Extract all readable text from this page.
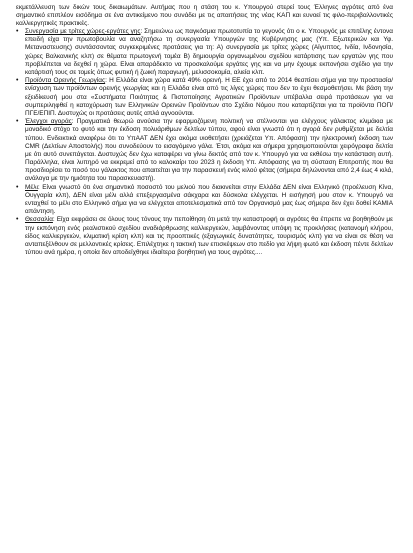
εκμετάλλευση των δικών τους δικαιωμάτων. Αυτήμας που η στάση του κ. Υπουργού στερεί τους Έλληνες αγρότες από ένα σημαντικό επιπλέον εισόδημα σε ένα αντικείμενο που συνάδει με τις απαιτήσεις της νέας ΚΑΠ και ευνοεί τις φιλο-περιβαλλοντικές καλλιεργητικές πρακτικές.

• Συνεργασία με τρίτες χώρες-εργάτες γης: Σημειώνω ως παγκόσμια πρωτοτυπία το γεγονός ότι ο κ. Υπουργός με επιτέλης έντονα επειδή είχα την πρωτοβουλία να αναζητήσω τη συνεργασία Υπουργών της Κυβέρνησης μας (Υπ. Εξωτερικών και Υφ. Μεταναστευσης) συντάσσοντας συγκεκριμένες προτάσεις για τη: Α) συνεργασία με τρίτες χώρες (Αίγυπτος, Ινδία, Ινδονησία, χώρες Βαλκανικής κλπ) σε θέματα πρωτογενή τομέα Β) δημιουργία οργανωμένου σχεδίου κατάρτισης των εργατών γης που προβλέπεται να δεχθεί η χώρα. Είναι απαράδεκτο να προσκαλούμε εργάτες γης και να μην έχουμε εκπονήσει σχέδιο για την κατάρτισή τους σε τομείς όπως φυτική ή ζωική παραγωγή, μελισσοκομία, αλιεία κλπ.

• Προϊόντα Ορεινής Γεωργίας: Η Ελλάδα είναι χώρα κατά 49% ορεινή. Η ΕΕ έχει από το 2014 θεσπίσει σήμα για την προστασία/ενίσχυση των προϊόντων ορεινής γεωργίας και η Ελλάδα είναι από τις λίγες χώρες που δεν το έχει θεσμοθετήσει. Με βάση την εξειδίκευσή μου στα «Συστήματα Ποιότητας & Πιστοποίησης Αγροτικών Προϊόντων υπέβαλλα σειρά προτάσεων για να συμπεριληφθεί η κατοχύρωση των Ελληνικών Ορεινών Προϊόντων στο Σχέδιο Νόμου που καταρτίζεται για τα προϊόντα ΠΟΠ/ΠΓΕ/ΕΠΙΠ. Δυστυχώς οι προτάσεις αυτές απλά αγνοούνται.

• Έλεγχοι αγοράς: Πραγματικά θεωρώ ανούσια την εφαρμοζόμενη πολιτική να στέλνονται για ελέγχους γάλακτος κλιμάκια με μοναδικό στόχο το φυτό και την έκδοση πολυάριθμων δελτίων τύπου, αφού είναι γνωστό ότι η αγορά δεν ρυθμίζεται με δελτία τύπου. Ενδεικτικά αναφέρω ότι το ΥπΑΑΤ ΔΕΝ έχει ακόμα υιοθετήσει (χρειάζεται Υπ. Απόφαση) την ηλεκτρονική έκδοση των CMR (Δελτίων Αποστολής) που συνοδεύουν το εισαγόμενο γάλα. Έτσι, ακόμα και σήμερα χρησιμοποιούνται χειρόγραφα δελτία με ότι αυτό συνεπάγεται. Δυστυχώς δεν έχω καταφέρει να γίνω δεκτός από τον κ. Υπουργό για να εκθέσω την κατάσταση αυτή. Παράλληλα, είναι λυπηρό να εκκρεμεί από το καλοκαίρι του 2023 η έκδοση Υπ. Απόφασης για τη σύσταση Επιτροπής που θα προσδιορίσει το ποσό του γάλακτος που απαιτείται για την παρασκευή ενός κιλού φέτας (σήμερα δηλώνονται από 2,4 έως 4 κιλά, ανάλογα με την ημιότητα του παρασκευαστή).

• Μέλι: Είναι γνωστό ότι ένα σημαντικό ποσοστό του μελιού που διακινείται στην Ελλάδα ΔΕΝ είναι Ελληνικό (προέλευση Κίνα, Ουγγαρία κλπ), ΔΕΝ είναι μέλι αλλά επεξεργασμένα σάκχαρα και δύσκολα ελέγχεται. Η εισήγησή μου στον κ. Υπουργό να ενταχθεί το μέλι στο Ελληνικό σήμα για να ελέγχεται αποτελεσματικά από τον Οργανισμό μας έως σήμερα δεν έχει δοθεί ΚΑΜΙΑ απάντηση.

• Θεσσαλία: Είχα εκφράσει σε όλους τους τόνους την πεποίθηση ότι μετά την καταστροφή οι αγρότες θα έπρεπε να βοηθηθούν με την εκπόνηση ενός ρεαλιστικού σχεδίου αναδιάρθρωσης καλλιεργειών, λαμβάνοντας υπόψη τις προκλήσεις (κατανομή κλήρου, είδος καλλιεργειών, κλιματική κρίση κλπ) και τις προοπτικές (εξαγωγικές δυνατότητες, τουρισμός κλπ) για να είναι σε θέση να ανταπεξέλθουν σε μελλοντικές κρίσεις. Επιλέχτηκε η τακτική των επισκέψεων στο πεδίο για λήψη φωτό και έκδοση πέντε δελτίων τύπου ανά ημέρα, η οποία δεν αποδείχθηκε ιδιαίτερα βοηθητική για τους αγρότες....
